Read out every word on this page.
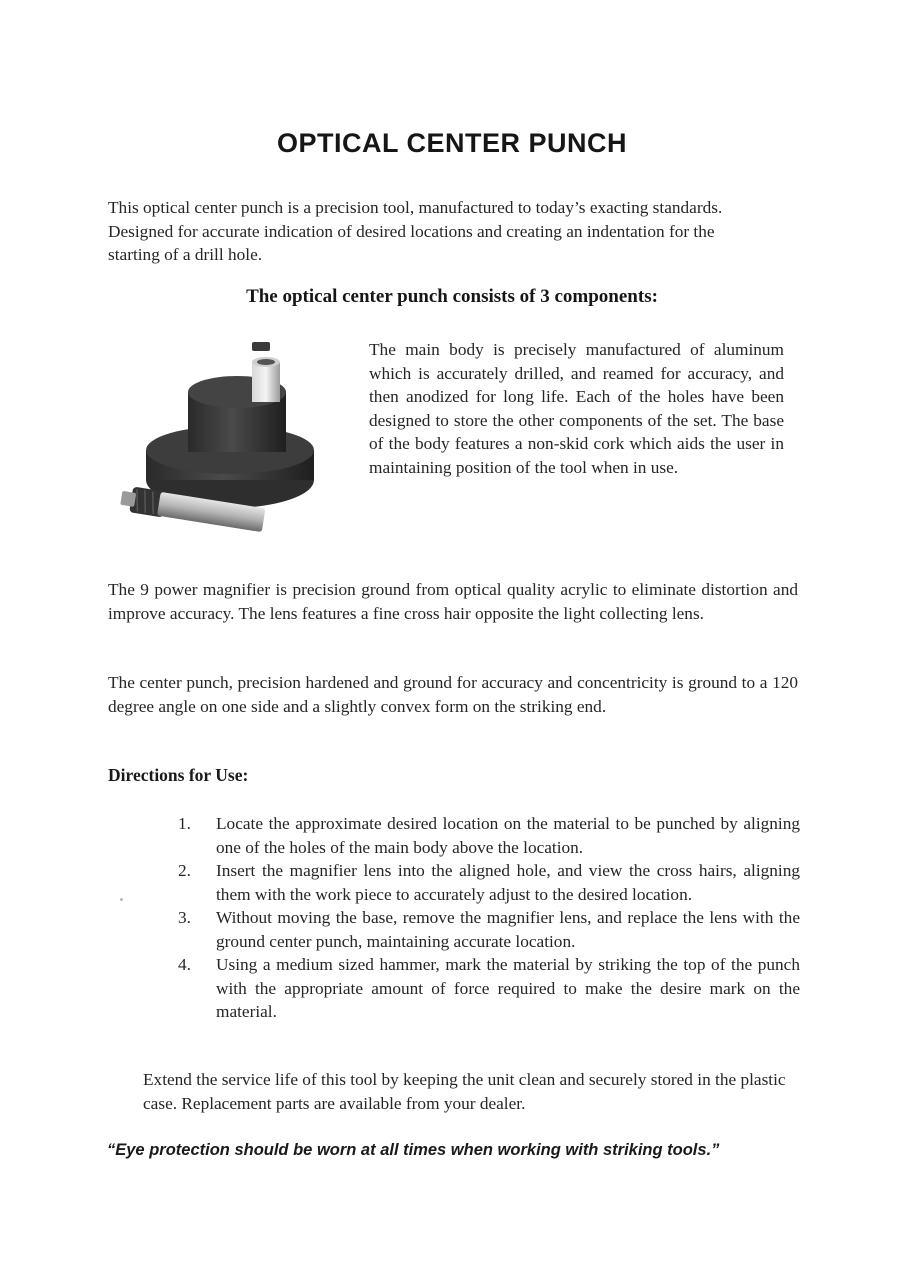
OPTICAL CENTER PUNCH
This optical center punch is a precision tool, manufactured to today’s exacting standards. Designed for accurate indication of desired locations and creating an indentation for the starting of a drill hole.
The optical center punch consists of 3 components:
The main body is precisely manufactured of aluminum which is accurately drilled, and reamed for accuracy, and then anodized for long life. Each of the holes have been designed to store the other components of the set. The base of the body features a non-skid cork which aids the user in maintaining position of the tool when in use.
The 9 power magnifier is precision ground from optical quality acrylic to eliminate distortion and improve accuracy. The lens features a fine cross hair opposite the light collecting lens.
The center punch, precision hardened and ground for accuracy and concentricity is ground to a 120 degree angle on one side and a slightly convex form on the striking end.
Directions for Use:
1.	Locate the approximate desired location on the material to be punched by aligning one of the holes of the main body above the location.
2.	Insert the magnifier lens into the aligned hole, and view the cross hairs, aligning them with the work piece to accurately adjust to the desired location.
3.	Without moving the base, remove the magnifier lens, and replace the lens with the ground center punch, maintaining accurate location.
4.	Using a medium sized hammer, mark the material by striking the top of the punch with the appropriate amount of force required to make the desire mark on the material.
Extend the service life of this tool by keeping the unit clean and securely stored in the plastic case. Replacement parts are available from your dealer.
“Eye protection should be worn at all times when working with striking tools.”
